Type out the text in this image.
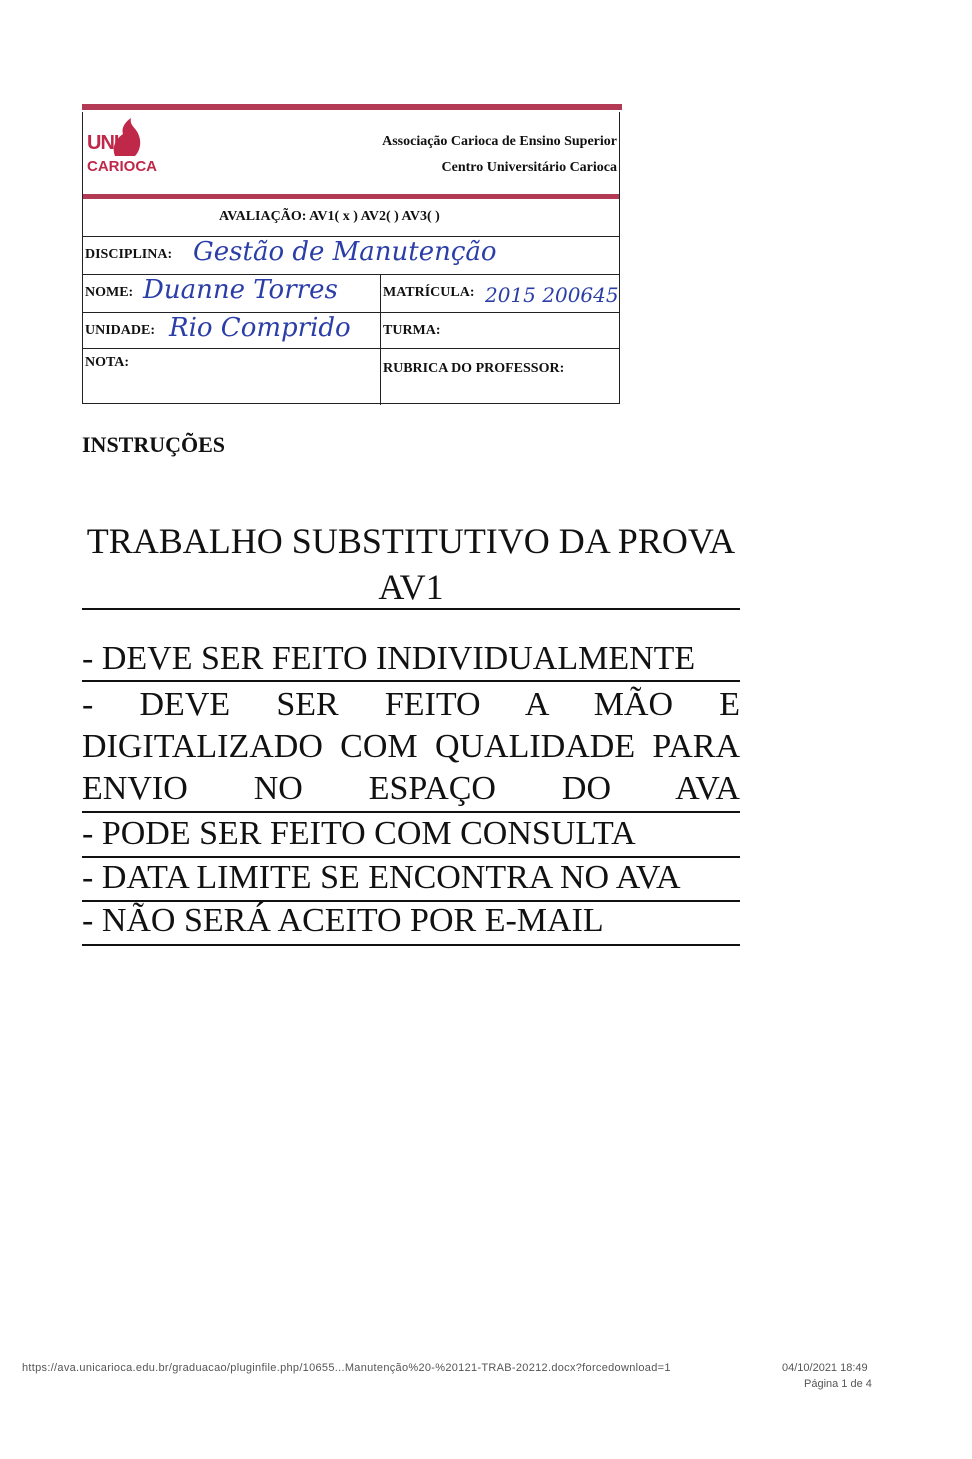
UNI
CARIOCA
Associação Carioca de Ensino Superior
Centro Universitário Carioca
AVALIAÇÃO: AV1( x ) AV2( ) AV3( )
DISCIPLINA: Gestão de Manutenção
NOME: Duanne Torres	MATRÍCULA: 2015 200645
UNIDADE: Rio Comprido TURMA:
NOTA:	RUBRICA DO PROFESSOR:
INSTRUÇÕES
TRABALHO SUBSTITUTIVO DA PROVA
AV1
- DEVE SER FEITO INDIVIDUALMENTE
- DEVE SER FEITO A MÃO E DIGITALIZADO COM QUALIDADE PARA ENVIO NO ESPAÇO DO AVA
- PODE SER FEITO COM CONSULTA
- DATA LIMITE SE ENCONTRA NO AVA
- NÃO SERÁ ACEITO POR E-MAIL
https://ava.unicarioca.edu.br/graduacao/pluginfile.php/10655...Manutenção%20-%20121-TRAB-20212.docx?forcedownload=1	04/10/2021 18:49
Página 1 de 4
